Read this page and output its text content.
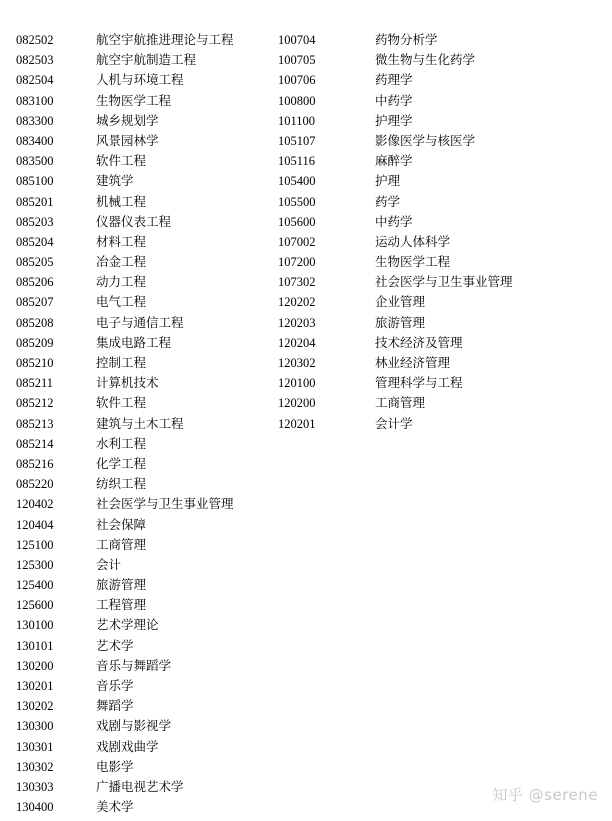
082502	航空宇航推进理论与工程
082503	航空宇航制造工程
082504	人机与环境工程
083100	生物医学工程
083300	城乡规划学
083400	风景园林学
083500	软件工程
085100	建筑学
085201	机械工程
085203	仪器仪表工程
085204	材料工程
085205	冶金工程
085206	动力工程
085207	电气工程
085208	电子与通信工程
085209	集成电路工程
085210	控制工程
085211	计算机技术
085212	软件工程
085213	建筑与土木工程
085214	水利工程
085216	化学工程
085220	纺织工程
120402	社会医学与卫生事业管理
120404	社会保障
125100	工商管理
125300	会计
125400	旅游管理
125600	工程管理
130100	艺术学理论
130101	艺术学
130200	音乐与舞蹈学
130201	音乐学
130202	舞蹈学
130300	戏剧与影视学
130301	戏剧戏曲学
130302	电影学
130303	广播电视艺术学
130400	美术学
100704	药物分析学
100705	微生物与生化药学
100706	药理学
100800	中药学
101100	护理学
105107	影像医学与核医学
105116	麻醉学
105400	护理
105500	药学
105600	中药学
107002	运动人体科学
107200	生物医学工程
107302	社会医学与卫生事业管理
120202	企业管理
120203	旅游管理
120204	技术经济及管理
120302	林业经济管理
120100	管理科学与工程
120200	工商管理
120201	会计学
知乎 @serene
